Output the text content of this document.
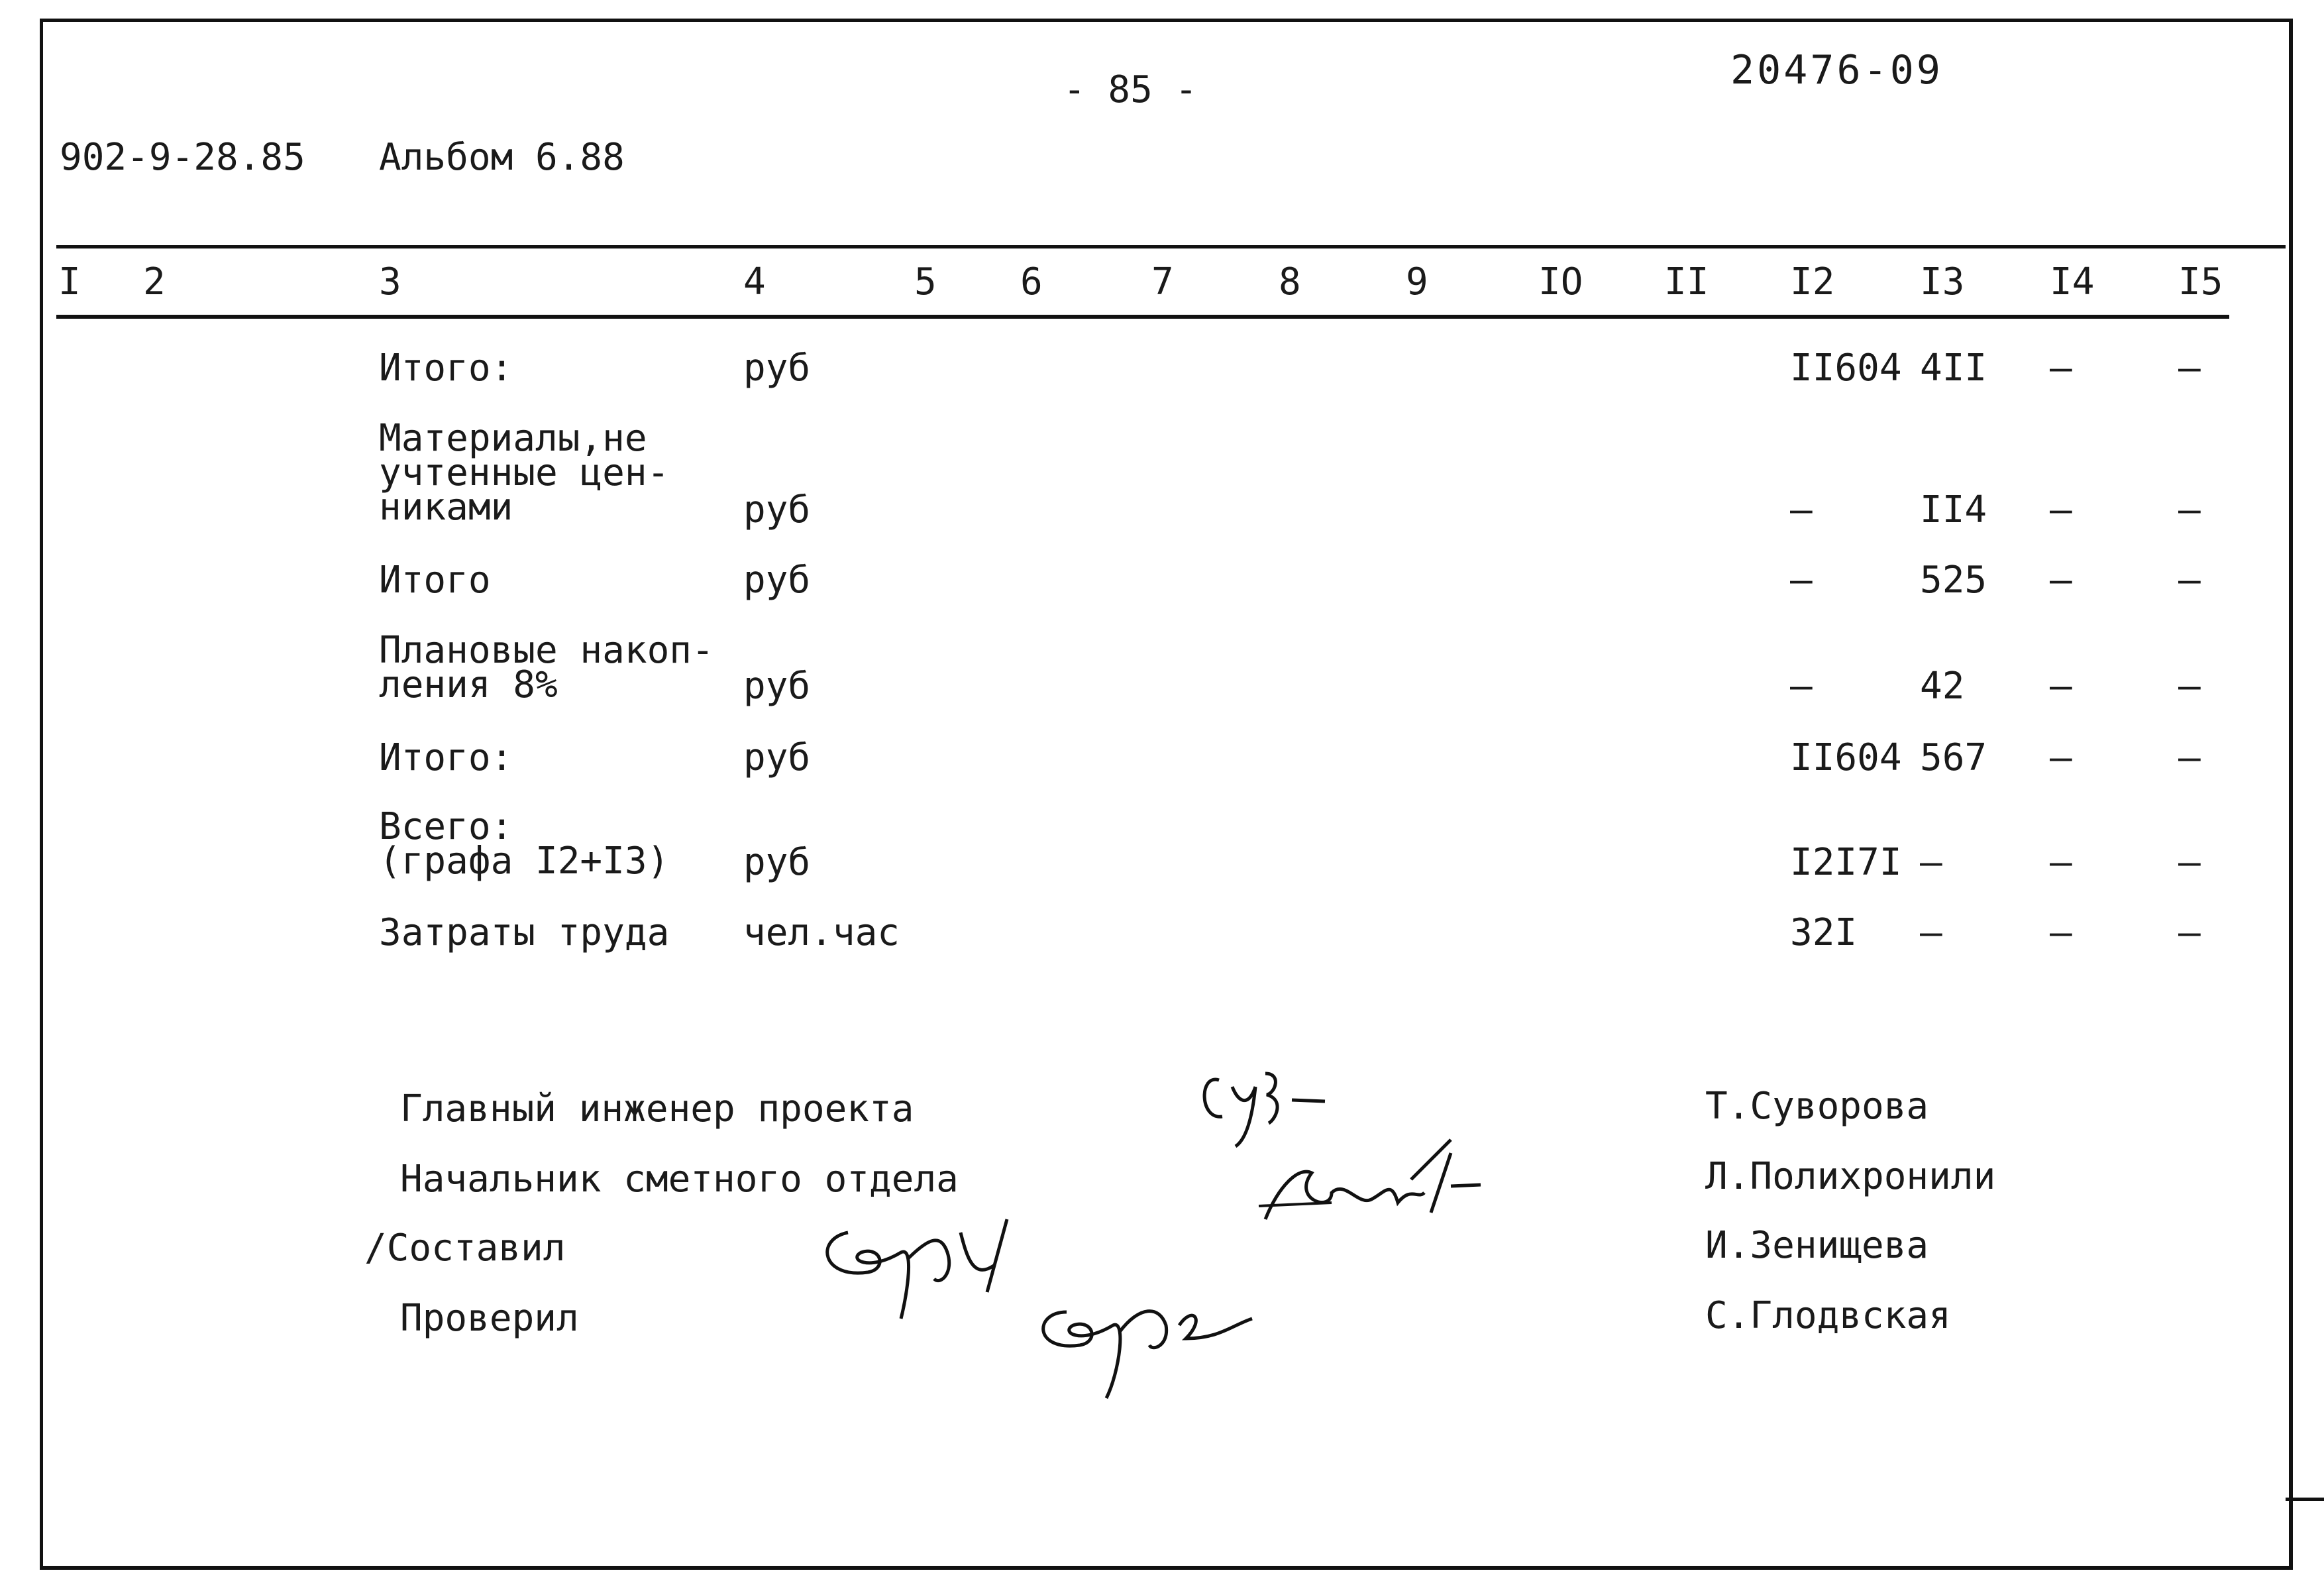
902-9-28.85 Альбом 6.88
- 85 -	20476-09
I 2	3	4	5 6	7	8	9	IO II I2 I3 I4 I5
Итого:	руб	II604 4II –	–
Материалы,не
учтенные цен-
никами	руб	–	II4 –	–
Итого	руб	–	525 –	–
Плановые накоп-
ления 8%	руб	–	42 –	–
Итого:	руб	II604 567 –	–
Всего:
(графа I2+I3) руб	I2I7I –	–	–
Затраты труда чел.час	32I –	–	–
Главный инженер проекта	Т.Суворова
Начальник сметного отдела	Л.Полихронили
/Составил	И.Зенищева
Проверил	С.Глодвская
